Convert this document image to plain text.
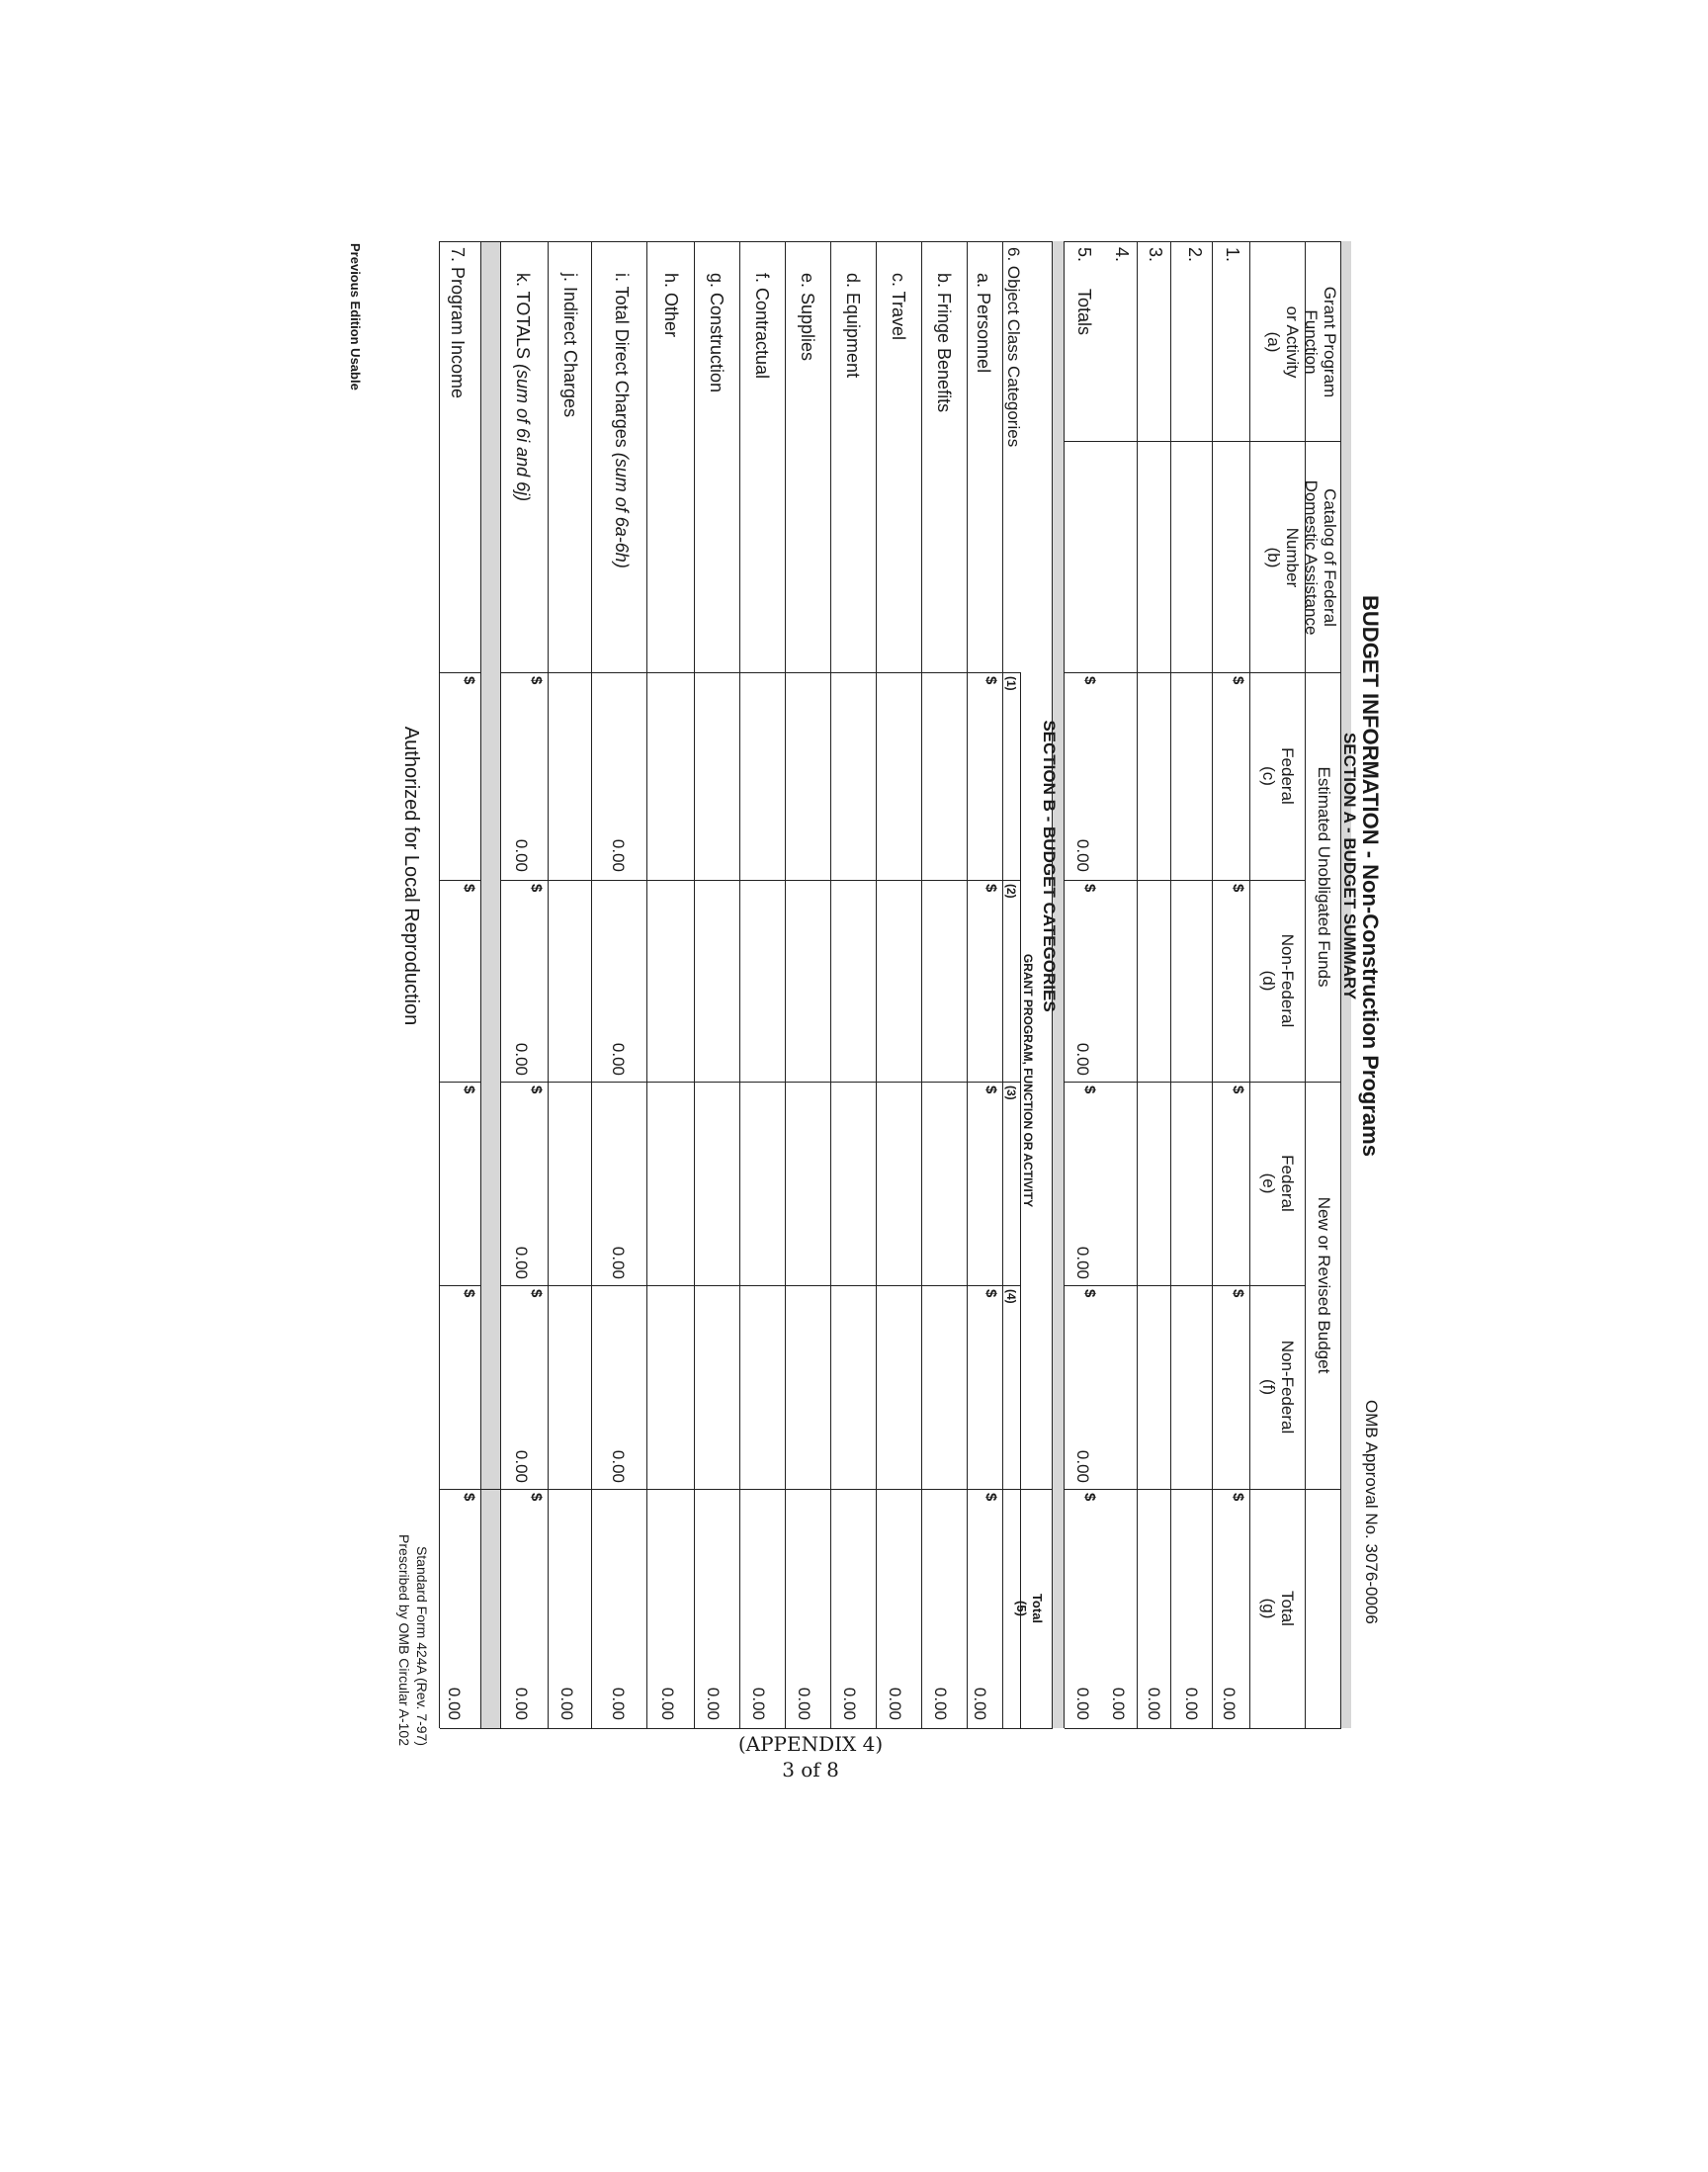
(APPENDIX 4)
3 of 8
BUDGET INFORMATION - Non-Construction Programs
OMB Approval No. 3076-0006
SECTION A - BUDGET SUMMARY
Grant Program
Function
or Activity
(a)
Catalog of Federal
Domestic Assistance
Number
(b)
Estimated Unobligated Funds
New or Revised Budget
Federal
(c)
Non-Federal
(d)
Federal
(e)
Non-Federal
(f)
Total
(g)
1.
2.
3.
4.
$
$
$
$
$
0.00
0.00
0.00
0.00
5.
Totals
$
$
$
$
$
0.00
0.00
0.00
0.00
0.00
SECTION B - BUDGET CATEGORIES
GRANT PROGRAM, FUNCTION OR ACTIVITY
6. Object Class Categories
(1)
(2)
(3)
(4)
Total
(5)
$
$
$
$
$
a. Personnel
b. Fringe Benefits
c. Travel
d. Equipment
e. Supplies
f. Contractual
g. Construction
h. Other
0.00
0.00
0.00
0.00
0.00
0.00
0.00
0.00
i. Total Direct Charges (sum of 6a-6h)
0.00
0.00
0.00
0.00
0.00
j. Indirect Charges
0.00
k. TOTALS (sum of 6i and 6j)
$
$
$
$
$
0.00
0.00
0.00
0.00
0.00
7. Program Income
$
$
$
$
$
0.00
Authorized for Local Reproduction
Standard Form 424A (Rev. 7-97)
Prescribed by OMB Circular A-102
Previous Edition Usable
